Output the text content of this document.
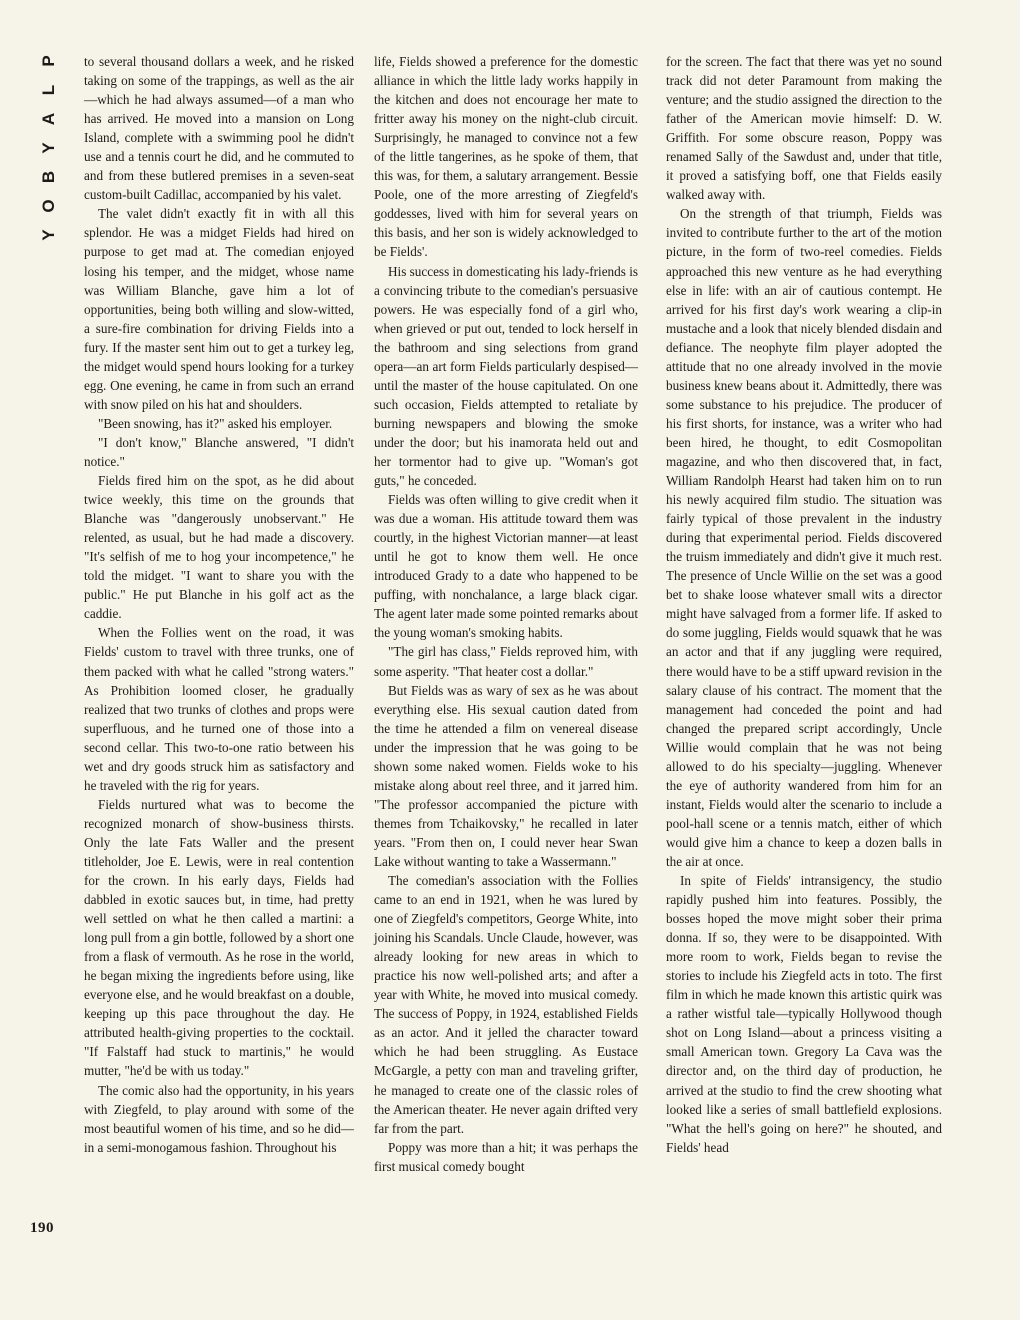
P
L
A
Y
B
O
Y
190

to several thousand dollars a week, and he risked taking on some of the trappings, as well as the air—which he had always assumed—of a man who has arrived. He moved into a mansion on Long Island, complete with a swimming pool he didn't use and a tennis court he did, and he commuted to and from these butlered premises in a seven-seat custom-built Cadillac, accompanied by his valet.

The valet didn't exactly fit in with all this splendor. He was a midget Fields had hired on purpose to get mad at. The comedian enjoyed losing his temper, and the midget, whose name was William Blanche, gave him a lot of opportunities, being both willing and slow-witted, a sure-fire combination for driving Fields into a fury. If the master sent him out to get a turkey leg, the midget would spend hours looking for a turkey egg. One evening, he came in from such an errand with snow piled on his hat and shoulders.

"Been snowing, has it?" asked his employer.

"I don't know," Blanche answered, "I didn't notice."

Fields fired him on the spot, as he did about twice weekly, this time on the grounds that Blanche was "dangerously unobservant." He relented, as usual, but he had made a discovery. "It's selfish of me to hog your incompetence," he told the midget. "I want to share you with the public." He put Blanche in his golf act as the caddie.

When the Follies went on the road, it was Fields' custom to travel with three trunks, one of them packed with what he called "strong waters." As Prohibition loomed closer, he gradually realized that two trunks of clothes and props were superfluous, and he turned one of those into a second cellar. This two-to-one ratio between his wet and dry goods struck him as satisfactory and he traveled with the rig for years.

Fields nurtured what was to become the recognized monarch of show-business thirsts. Only the late Fats Waller and the present titleholder, Joe E. Lewis, were in real contention for the crown. In his early days, Fields had dabbled in exotic sauces but, in time, had pretty well settled on what he then called a martini: a long pull from a gin bottle, followed by a short one from a flask of vermouth. As he rose in the world, he began mixing the ingredients before using, like everyone else, and he would breakfast on a double, keeping up this pace throughout the day. He attributed health-giving properties to the cocktail. "If Falstaff had stuck to martinis," he would mutter, "he'd be with us today."

The comic also had the opportunity, in his years with Ziegfeld, to play around with some of the most beautiful women of his time, and so he did—in a semi-monogamous fashion. Throughout his

life, Fields showed a preference for the domestic alliance in which the little lady works happily in the kitchen and does not encourage her mate to fritter away his money on the night-club circuit. Surprisingly, he managed to convince not a few of the little tangerines, as he spoke of them, that this was, for them, a salutary arrangement. Bessie Poole, one of the more arresting of Ziegfeld's goddesses, lived with him for several years on this basis, and her son is widely acknowledged to be Fields'.

His success in domesticating his lady-friends is a convincing tribute to the comedian's persuasive powers. He was especially fond of a girl who, when grieved or put out, tended to lock herself in the bathroom and sing selections from grand opera—an art form Fields particularly despised—until the master of the house capitulated. On one such occasion, Fields attempted to retaliate by burning newspapers and blowing the smoke under the door; but his inamorata held out and her tormentor had to give up. "Woman's got guts," he conceded.

Fields was often willing to give credit when it was due a woman. His attitude toward them was courtly, in the highest Victorian manner—at least until he got to know them well. He once introduced Grady to a date who happened to be puffing, with nonchalance, a large black cigar. The agent later made some pointed remarks about the young woman's smoking habits.

"The girl has class," Fields reproved him, with some asperity. "That heater cost a dollar."

But Fields was as wary of sex as he was about everything else. His sexual caution dated from the time he attended a film on venereal disease under the impression that he was going to be shown some naked women. Fields woke to his mistake along about reel three, and it jarred him. "The professor accompanied the picture with themes from Tchaikovsky," he recalled in later years. "From then on, I could never hear Swan Lake without wanting to take a Wassermann."

The comedian's association with the Follies came to an end in 1921, when he was lured by one of Ziegfeld's competitors, George White, into joining his Scandals. Uncle Claude, however, was already looking for new areas in which to practice his now well-polished arts; and after a year with White, he moved into musical comedy. The success of Poppy, in 1924, established Fields as an actor. And it jelled the character toward which he had been struggling. As Eustace McGargle, a petty con man and traveling grifter, he managed to create one of the classic roles of the American theater. He never again drifted very far from the part.

Poppy was more than a hit; it was perhaps the first musical comedy bought

for the screen. The fact that there was yet no sound track did not deter Paramount from making the venture; and the studio assigned the direction to the father of the American movie himself: D. W. Griffith. For some obscure reason, Poppy was renamed Sally of the Sawdust and, under that title, it proved a satisfying boff, one that Fields easily walked away with.

On the strength of that triumph, Fields was invited to contribute further to the art of the motion picture, in the form of two-reel comedies. Fields approached this new venture as he had everything else in life: with an air of cautious contempt. He arrived for his first day's work wearing a clip-in mustache and a look that nicely blended disdain and defiance. The neophyte film player adopted the attitude that no one already involved in the movie business knew beans about it. Admittedly, there was some substance to his prejudice. The producer of his first shorts, for instance, was a writer who had been hired, he thought, to edit Cosmopolitan magazine, and who then discovered that, in fact, William Randolph Hearst had taken him on to run his newly acquired film studio. The situation was fairly typical of those prevalent in the industry during that experimental period. Fields discovered the truism immediately and didn't give it much rest. The presence of Uncle Willie on the set was a good bet to shake loose whatever small wits a director might have salvaged from a former life. If asked to do some juggling, Fields would squawk that he was an actor and that if any juggling were required, there would have to be a stiff upward revision in the salary clause of his contract. The moment that the management had conceded the point and had changed the prepared script accordingly, Uncle Willie would complain that he was not being allowed to do his specialty—juggling. Whenever the eye of authority wandered from him for an instant, Fields would alter the scenario to include a pool-hall scene or a tennis match, either of which would give him a chance to keep a dozen balls in the air at once.

In spite of Fields' intransigency, the studio rapidly pushed him into features. Possibly, the bosses hoped the move might sober their prima donna. If so, they were to be disappointed. With more room to work, Fields began to revise the stories to include his Ziegfeld acts in toto. The first film in which he made known this artistic quirk was a rather wistful tale—typically Hollywood though shot on Long Island—about a princess visiting a small American town. Gregory La Cava was the director and, on the third day of production, he arrived at the studio to find the crew shooting what looked like a series of small battlefield explosions. "What the hell's going on here?" he shouted, and Fields' head
